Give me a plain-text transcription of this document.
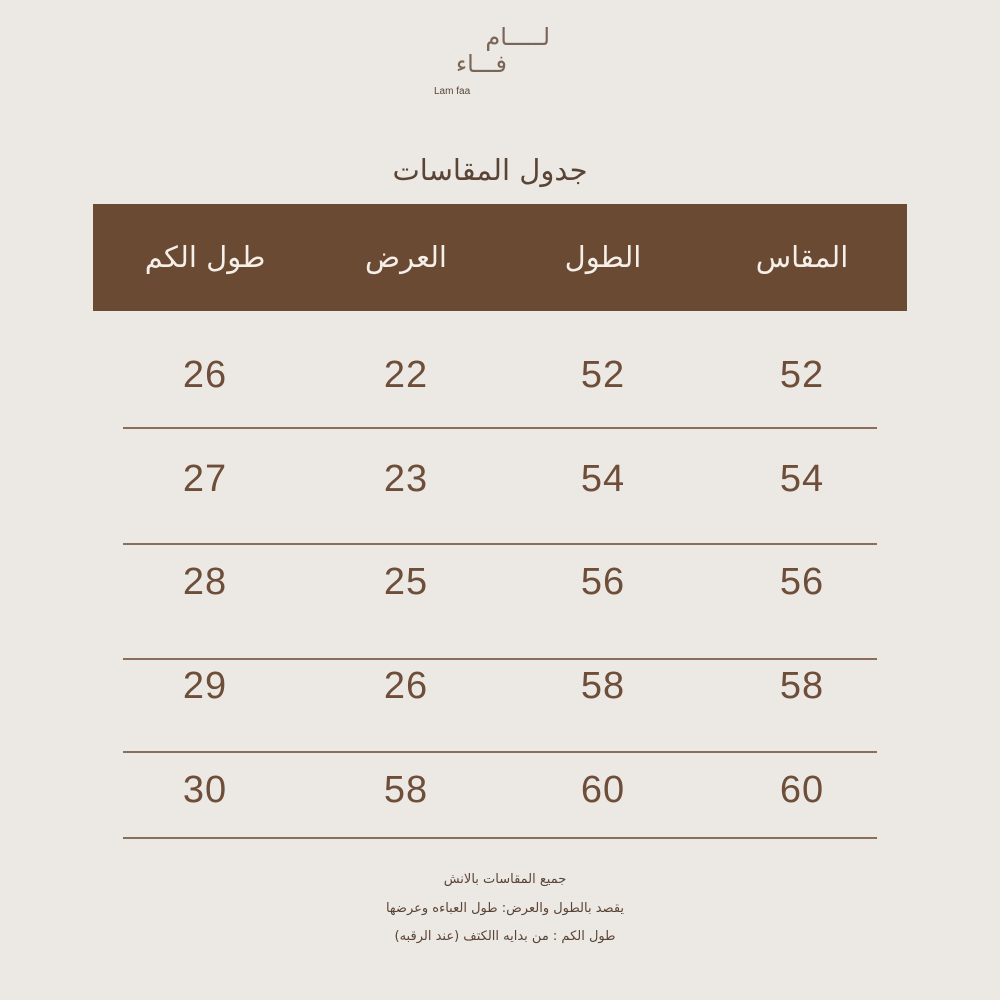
لـــــام
فـــاء
Lam faa
جدول المقاسات
المقاس
الطول
العرض
طول الكم
52
52
22
26
54
54
23
27
56
56
25
28
58
58
26
29
60
60
58
30
جميع المقاسات بالانش
يقصد بالطول والعرض: طول العباءه وعرضها
طول الكم : من بدايه االكتف (عند الرقبه)
